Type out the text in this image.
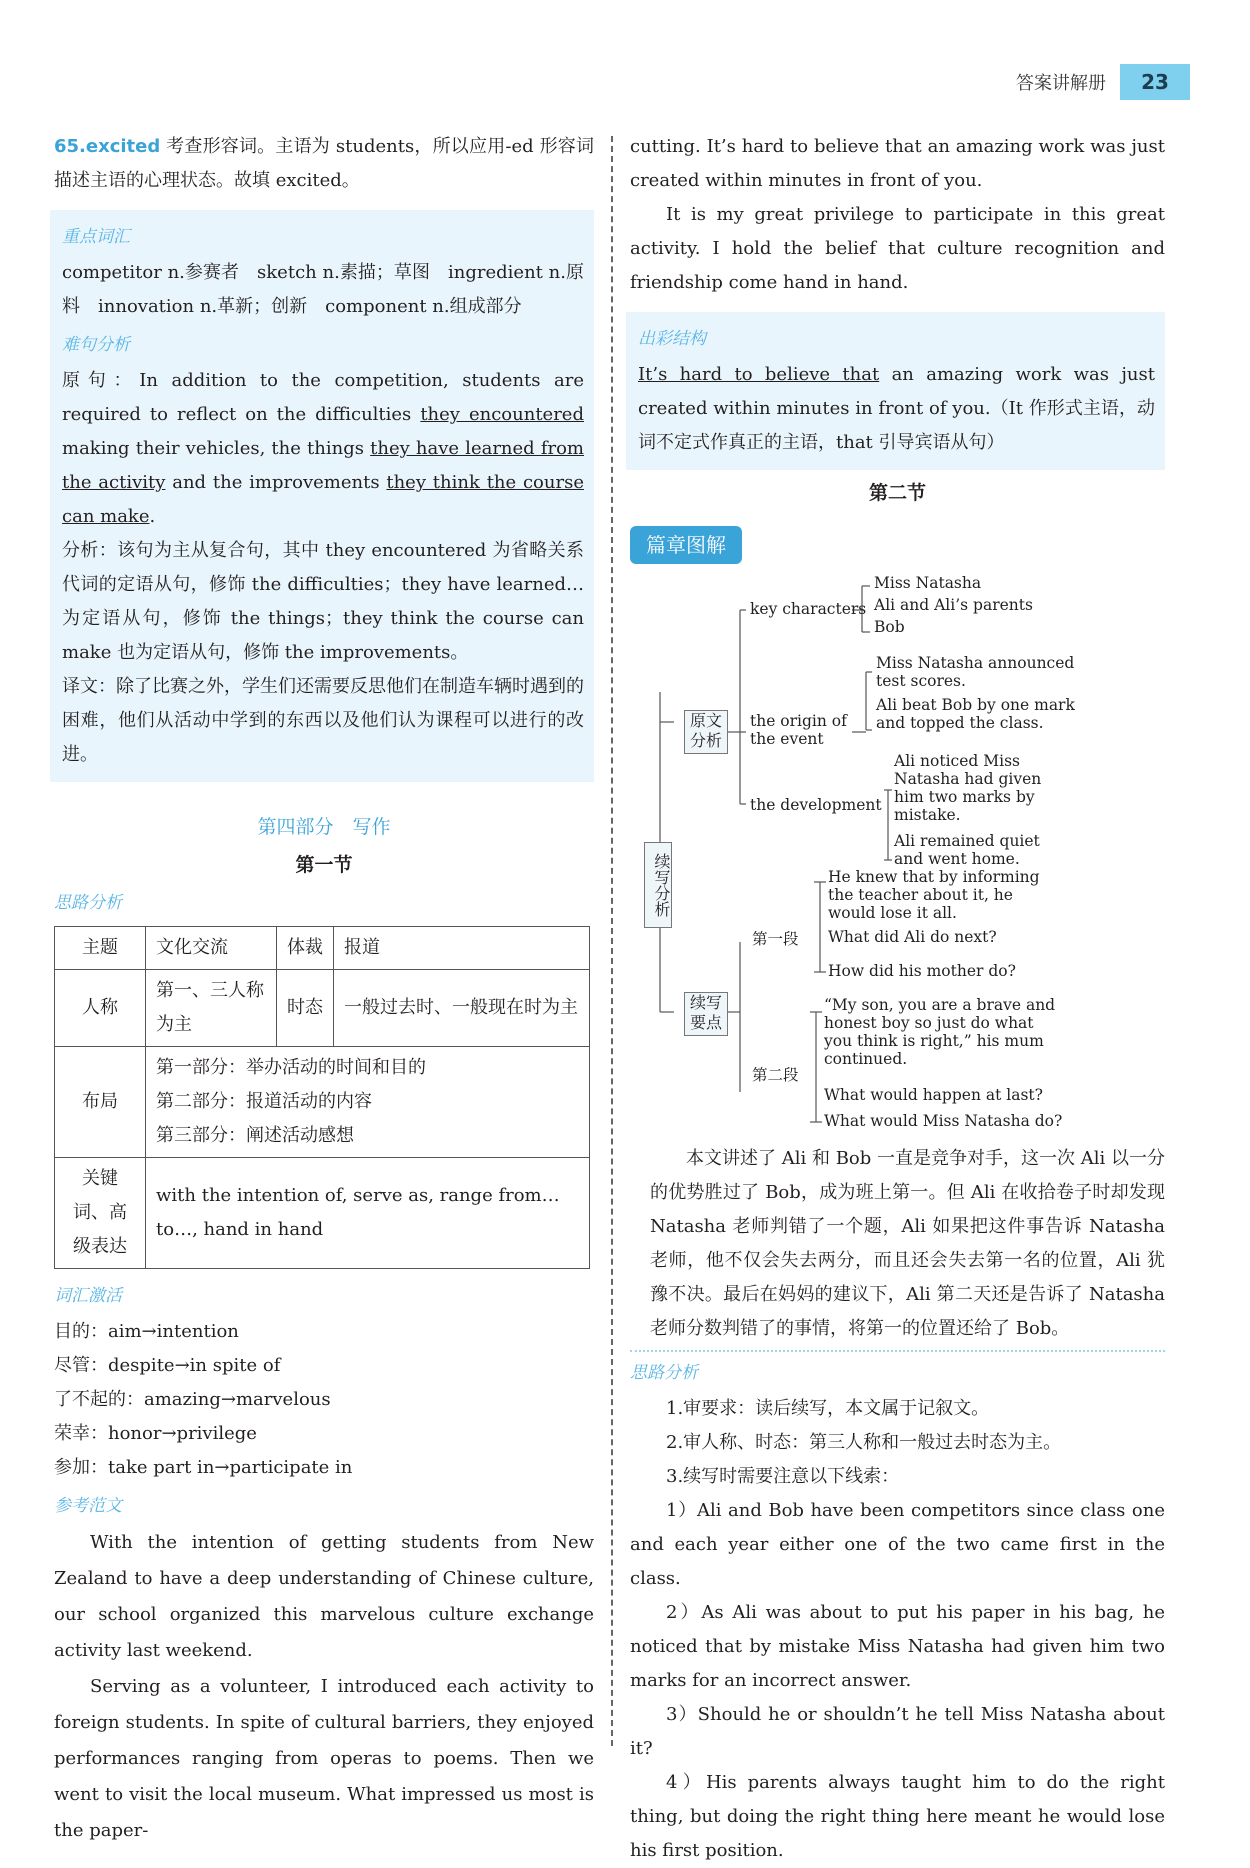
答案讲解册	23

65.excited 考查形容词。主语为 students，所以应用-ed 形容词描述主语的心理状态。故填 excited。

重点词汇

competitor n.参赛者　sketch n.素描；草图　ingredient n.原料　innovation n.革新；创新　component n.组成部分

难句分析

原句：In addition to the competition, students are required to reflect on the difficulties they encountered making their vehicles, the things they have learned from the activity and the improvements they think the course can make.

分析：该句为主从复合句，其中 they encountered 为省略关系代词的定语从句，修饰 the difficulties；they have learned…为定语从句，修饰 the things；they think the course can make 也为定语从句，修饰 the improvements。

译文：除了比赛之外，学生们还需要反思他们在制造车辆时遇到的困难，他们从活动中学到的东西以及他们认为课程可以进行的改进。

第四部分　写作
第一节
思路分析
主题	文化交流	体裁	报道
人称	第一、三人称为主	时态	一般过去时、一般现在时为主
布局	第一部分：举办活动的时间和目的
第二部分：报道活动的内容
第三部分：阐述活动感想		

关键词、高级表达	with the intention of, serve as, range from…to…, hand in hand		
词汇激活

目的：aim→intention

尽管：despite→in spite of

了不起的：amazing→marvelous

荣幸：honor→privilege

参加：take part in→participate in

参考范文

With the intention of getting students from New Zealand to have a deep understanding of Chinese culture, our school organized this marvelous culture exchange activity last weekend.

Serving as a volunteer, I introduced each activity to foreign students. In spite of cultural barriers, they enjoyed performances ranging from operas to poems. Then we went to visit the local museum. What impressed us most is the paper-

cutting. It’s hard to believe that an amazing work was just created within minutes in front of you.

It is my great privilege to participate in this great activity. I hold the belief that culture recognition and friendship come hand in hand.

出彩结构

It’s hard to believe that an amazing work was just created within minutes in front of you.（It 作形式主语，动词不定式作真正的主语，that 引导宾语从句）

第二节
篇章图解
续写分析
原文分析
续写要点
key characters
Miss Natasha
Ali and Ali’s parents
Bob
the origin of the event
Miss Natasha announced test scores.
Ali beat Bob by one mark and topped the class.
the development
Ali noticed Miss Natasha had given him two marks by mistake.
Ali remained quiet and went home.
第一段
He knew that by informing the teacher about it, he would lose it all.
What did Ali do next?
How did his mother do?
第二段
“My son, you are a brave and honest boy so just do what you think is right,” his mum continued.
What would happen at last?
What would Miss Natasha do?

本文讲述了 Ali 和 Bob 一直是竞争对手，这一次 Ali 以一分的优势胜过了 Bob，成为班上第一。但 Ali 在收拾卷子时却发现 Natasha 老师判错了一个题，Ali 如果把这件事告诉 Natasha 老师，他不仅会失去两分，而且还会失去第一名的位置，Ali 犹豫不决。最后在妈妈的建议下，Ali 第二天还是告诉了 Natasha 老师分数判错了的事情，将第一的位置还给了 Bob。

思路分析

1.审要求：读后续写，本文属于记叙文。

2.审人称、时态：第三人称和一般过去时态为主。

3.续写时需要注意以下线索：

1）Ali and Bob have been competitors since class one and each year either one of the two came first in the class.

2）As Ali was about to put his paper in his bag, he noticed that by mistake Miss Natasha had given him two marks for an incorrect answer.

3）Should he or shouldn’t he tell Miss Natasha about it?

4）His parents always taught him to do the right thing, but doing the right thing here meant he would lose his first position.
